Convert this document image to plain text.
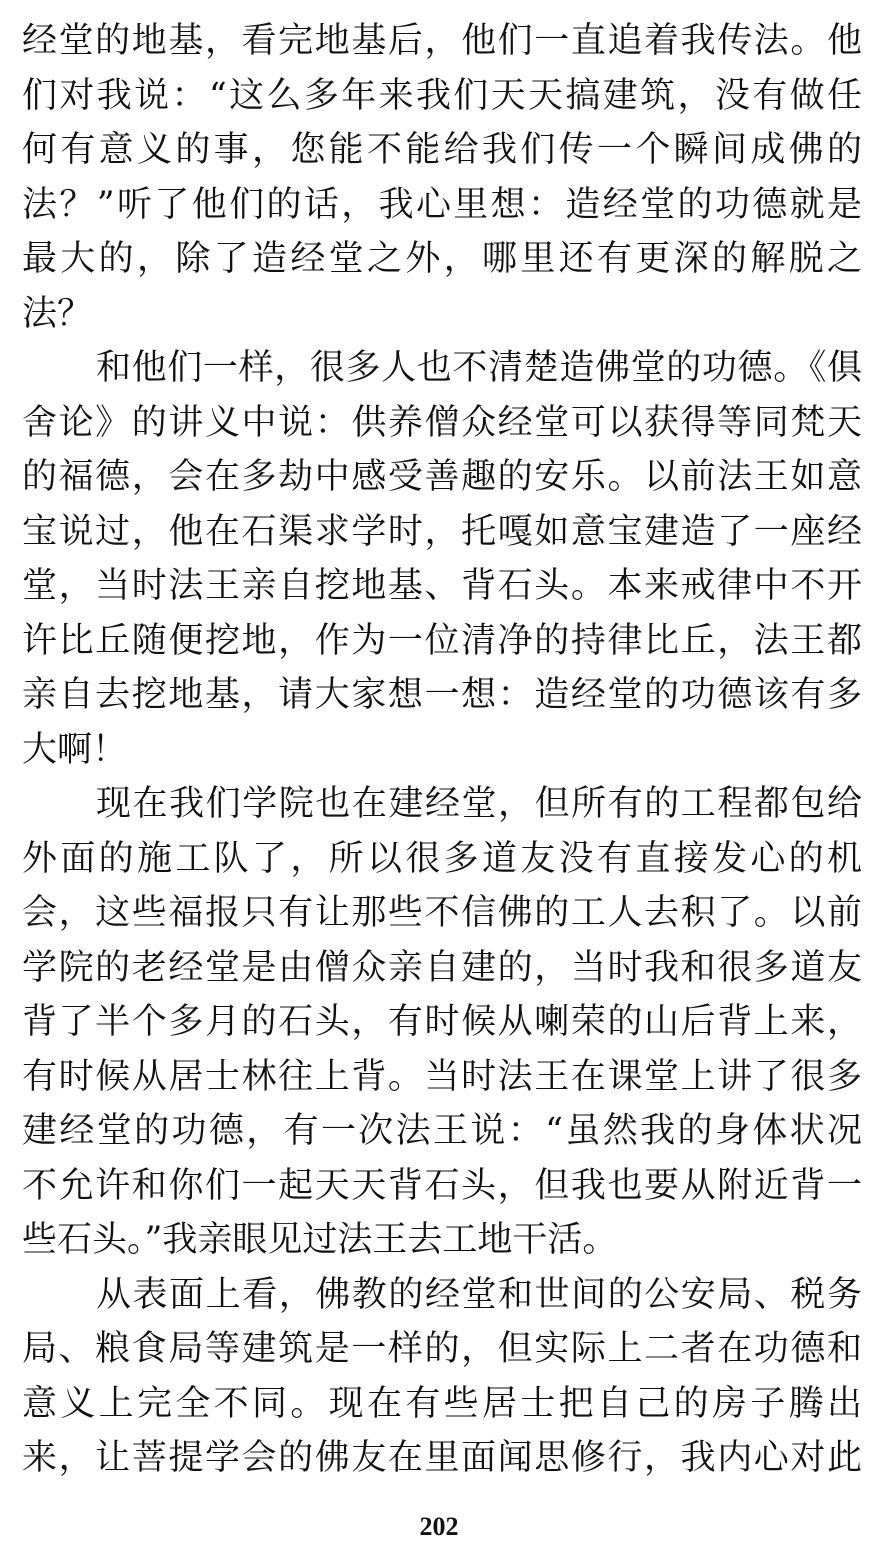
经堂的地基，看完地基后，他们一直追着我传法。他
们对我说：“这么多年来我们天天搞建筑，没有做任
何有意义的事，您能不能给我们传一个瞬间成佛的
法？”听了他们的话，我心里想：造经堂的功德就是
最大的，除了造经堂之外，哪里还有更深的解脱之
法？
和他们一样，很多人也不清楚造佛堂的功德。《俱
舍论》的讲义中说：供养僧众经堂可以获得等同梵天
的福德，会在多劫中感受善趣的安乐。以前法王如意
宝说过，他在石渠求学时，托嘎如意宝建造了一座经
堂，当时法王亲自挖地基、背石头。本来戒律中不开
许比丘随便挖地，作为一位清净的持律比丘，法王都
亲自去挖地基，请大家想一想：造经堂的功德该有多
大啊！
现在我们学院也在建经堂，但所有的工程都包给
外面的施工队了，所以很多道友没有直接发心的机
会，这些福报只有让那些不信佛的工人去积了。以前
学院的老经堂是由僧众亲自建的，当时我和很多道友
背了半个多月的石头，有时候从喇荣的山后背上来，
有时候从居士林往上背。当时法王在课堂上讲了很多
建经堂的功德，有一次法王说：“虽然我的身体状况
不允许和你们一起天天背石头，但我也要从附近背一
些石头。”我亲眼见过法王去工地干活。
从表面上看，佛教的经堂和世间的公安局、税务
局、粮食局等建筑是一样的，但实际上二者在功德和
意义上完全不同。现在有些居士把自己的房子腾出
来，让菩提学会的佛友在里面闻思修行，我内心对此
202
